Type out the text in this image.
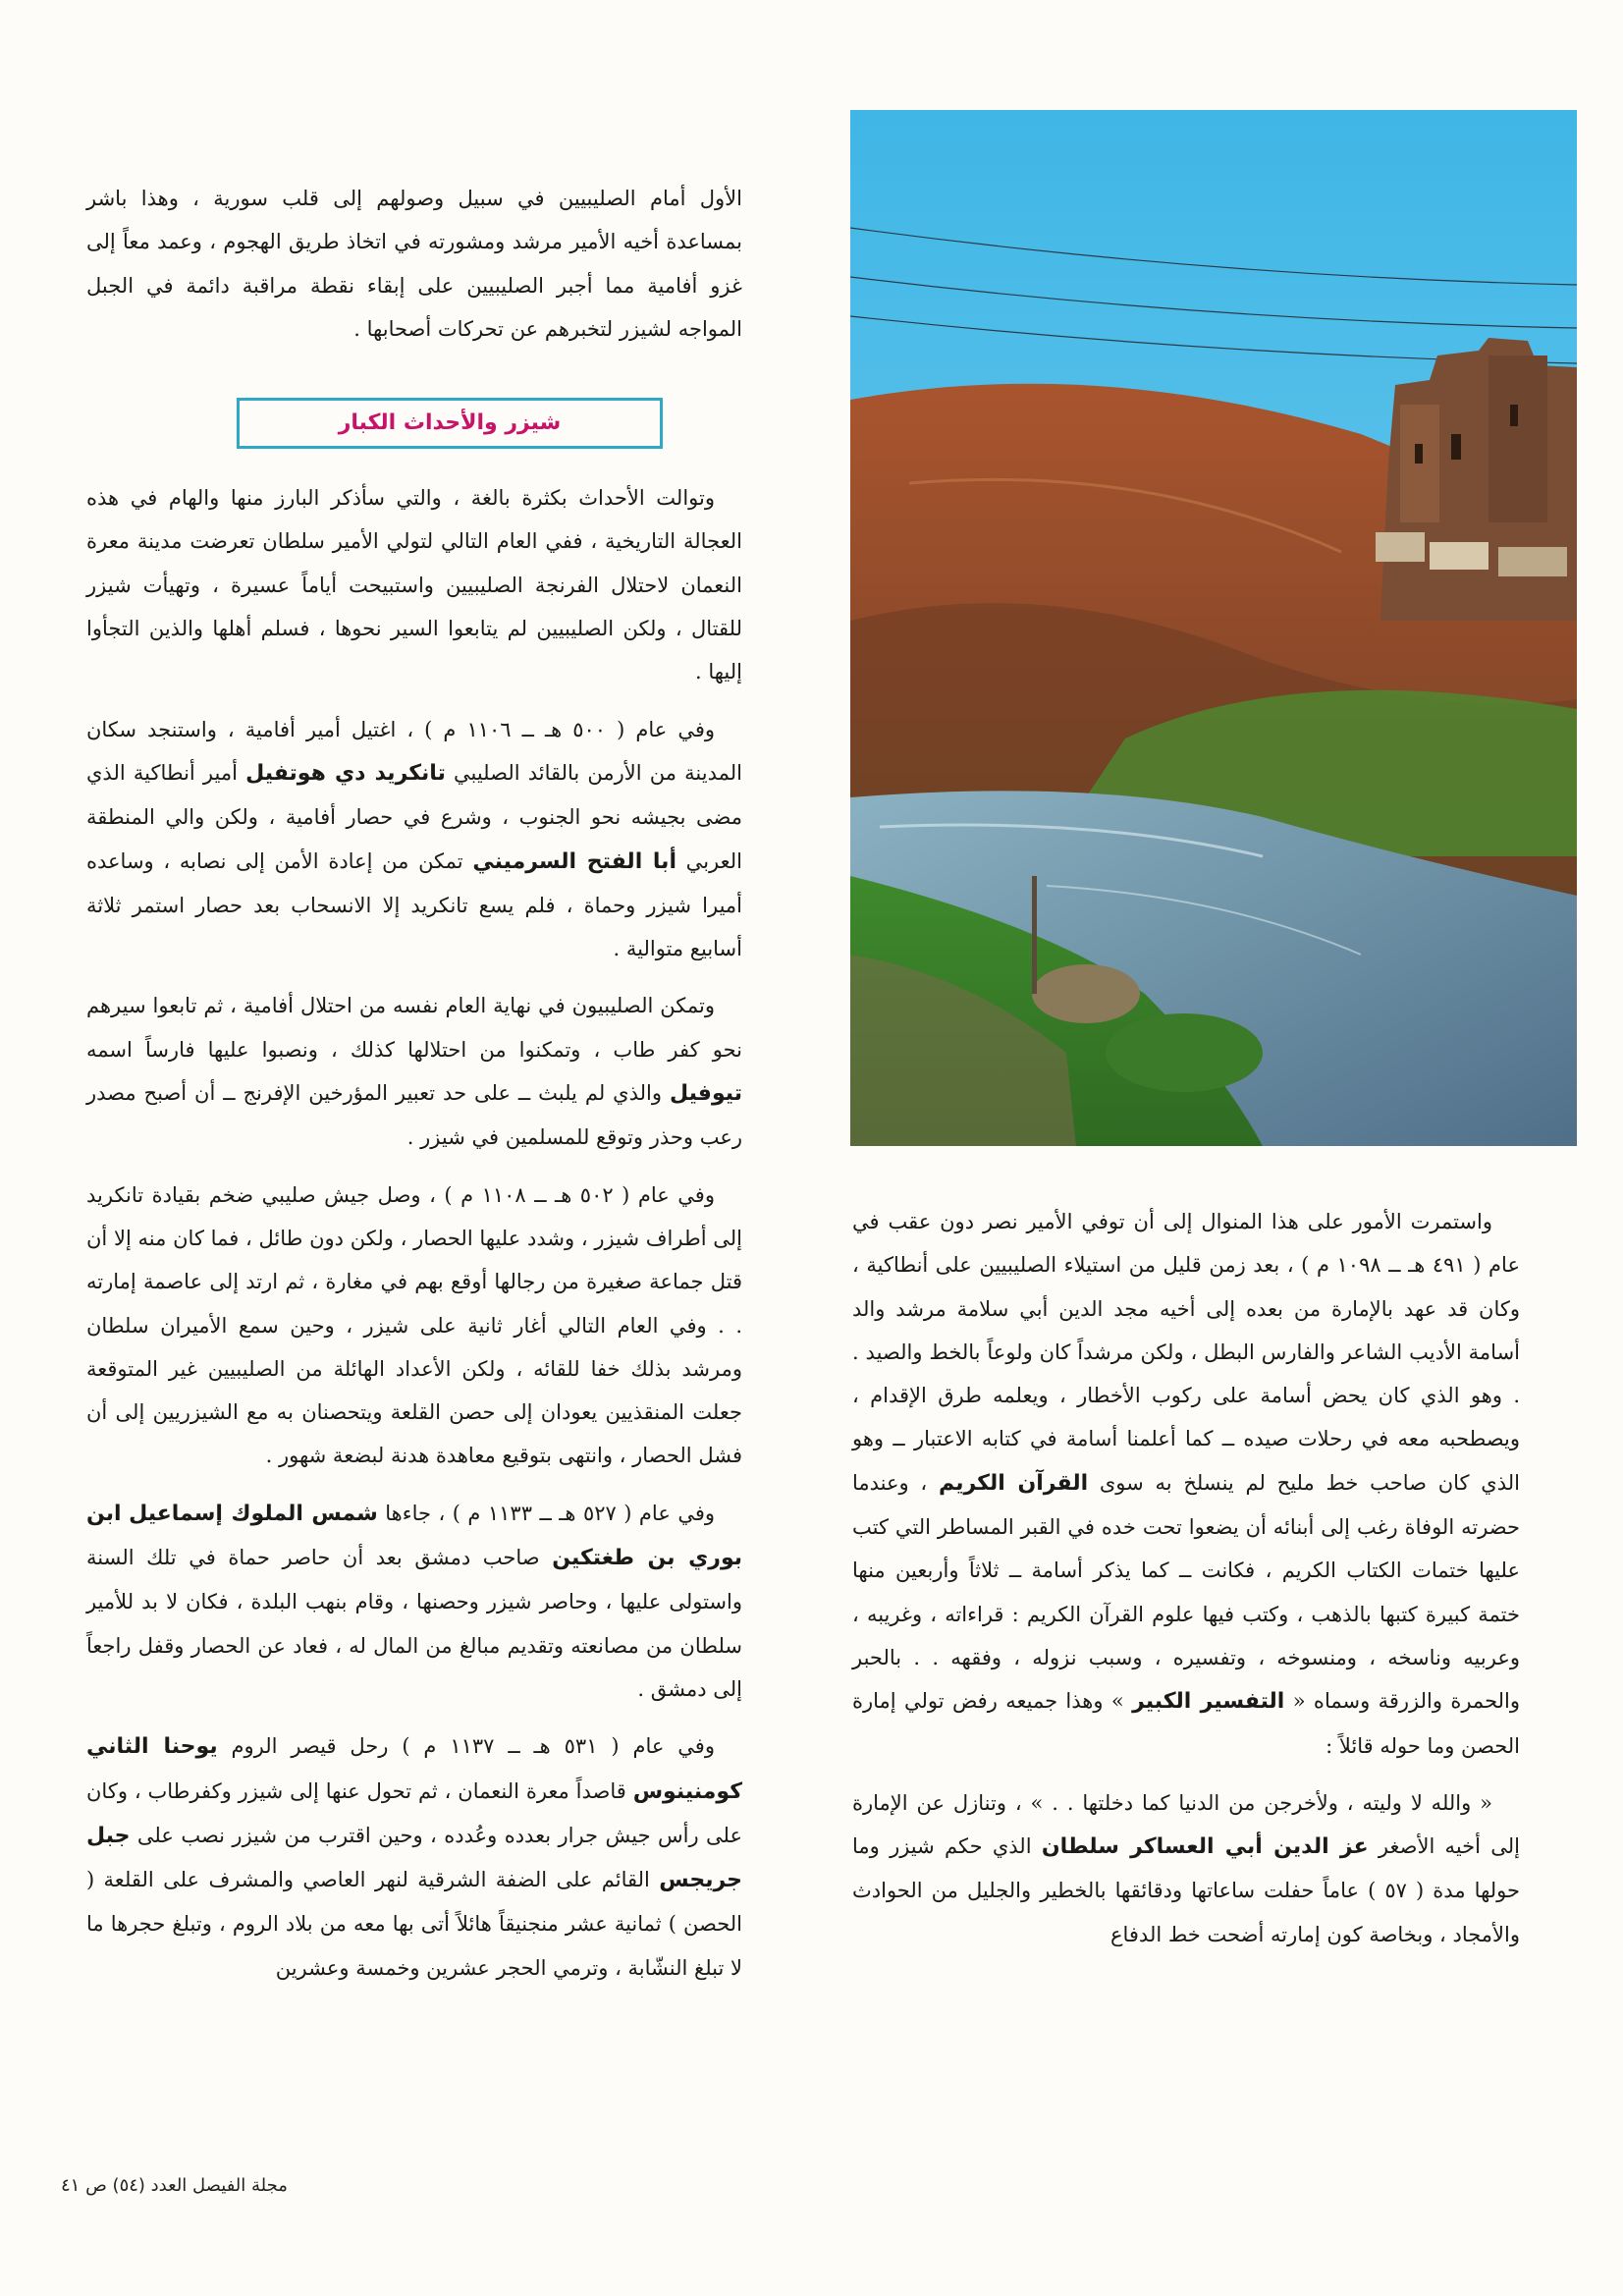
الأول أمام الصليبيين في سبيل وصولهم إلى قلب سورية ، وهذا باشر بمساعدة أخيه الأمير مرشد ومشورته في اتخاذ طريق الهجوم ، وعمد معاً إلى غزو أفامية مما أجبر الصليبيين على إبقاء نقطة مراقبة دائمة في الجبل المواجه لشيزر لتخبرهم عن تحركات أصحابها .

شيزر والأحداث الكبار

وتوالت الأحداث بكثرة بالغة ، والتي سأذكر البارز منها والهام في هذه العجالة التاريخية ، ففي العام التالي لتولي الأمير سلطان تعرضت مدينة معرة النعمان لاحتلال الفرنجة الصليبيين واستبيحت أياماً عسيرة ، وتهيأت شيزر للقتال ، ولكن الصليبيين لم يتابعوا السير نحوها ، فسلم أهلها والذين التجأوا إليها .

وفي عام ( ٥٠٠ هـ ــ ١١٠٦ م ) ، اغتيل أمير أفامية ، واستنجد سكان المدينة من الأرمن بالقائد الصليبي تانكريد دي هوتفيل أمير أنطاكية الذي مضى بجيشه نحو الجنوب ، وشرع في حصار أفامية ، ولكن والي المنطقة العربي أبا الفتح السرميني تمكن من إعادة الأمن إلى نصابه ، وساعده أميرا شيزر وحماة ، فلم يسع تانكريد إلا الانسحاب بعد حصار استمر ثلاثة أسابيع متوالية .

وتمكن الصليبيون في نهاية العام نفسه من احتلال أفامية ، ثم تابعوا سيرهم نحو كفر طاب ، وتمكنوا من احتلالها كذلك ، ونصبوا عليها فارساً اسمه تيوفيل والذي لم يلبث ــ على حد تعبير المؤرخين الإفرنج ــ أن أصبح مصدر رعب وحذر وتوقع للمسلمين في شيزر .

وفي عام ( ٥٠٢ هـ ــ ١١٠٨ م ) ، وصل جيش صليبي ضخم بقيادة تانكريد إلى أطراف شيزر ، وشدد عليها الحصار ، ولكن دون طائل ، فما كان منه إلا أن قتل جماعة صغيرة من رجالها أوقع بهم في مغارة ، ثم ارتد إلى عاصمة إمارته . . وفي العام التالي أغار ثانية على شيزر ، وحين سمع الأميران سلطان ومرشد بذلك خفا للقائه ، ولكن الأعداد الهائلة من الصليبيين غير المتوقعة جعلت المنقذيين يعودان إلى حصن القلعة ويتحصنان به مع الشيزريين إلى أن فشل الحصار ، وانتهى بتوقيع معاهدة هدنة لبضعة شهور .

وفي عام ( ٥٢٧ هـ ــ ١١٣٣ م ) ، جاءها شمس الملوك إسماعيل ابن بوري بن طغتكين صاحب دمشق بعد أن حاصر حماة في تلك السنة واستولى عليها ، وحاصر شيزر وحصنها ، وقام بنهب البلدة ، فكان لا بد للأمير سلطان من مصانعته وتقديم مبالغ من المال له ، فعاد عن الحصار وقفل راجعاً إلى دمشق .

وفي عام ( ٥٣١ هـ ــ ١١٣٧ م ) رحل قيصر الروم يوحنا الثاني كومنينوس قاصداً معرة النعمان ، ثم تحول عنها إلى شيزر وكفرطاب ، وكان على رأس جيش جرار بعدده وعُدده ، وحين اقترب من شيزر نصب على جبل جريجس القائم على الضفة الشرقية لنهر العاصي والمشرف على القلعة ( الحصن ) ثمانية عشر منجنيقاً هائلاً أتى بها معه من بلاد الروم ، وتبلغ حجرها ما لا تبلغ النشّابة ، وترمي الحجر عشرين وخمسة وعشرين

واستمرت الأمور على هذا المنوال إلى أن توفي الأمير نصر دون عقب في عام ( ٤٩١ هـ ــ ١٠٩٨ م ) ، بعد زمن قليل من استيلاء الصليبيين على أنطاكية ، وكان قد عهد بالإمارة من بعده إلى أخيه مجد الدين أبي سلامة مرشد والد أسامة الأديب الشاعر والفارس البطل ، ولكن مرشداً كان ولوعاً بالخط والصيد . . وهو الذي كان يحض أسامة على ركوب الأخطار ، ويعلمه طرق الإقدام ، ويصطحبه معه في رحلات صيده ــ كما أعلمنا أسامة في كتابه الاعتبار ــ وهو الذي كان صاحب خط مليح لم ينسلخ به سوى القرآن الكريم ، وعندما حضرته الوفاة رغب إلى أبنائه أن يضعوا تحت خده في القبر المساطر التي كتب عليها ختمات الكتاب الكريم ، فكانت ــ كما يذكر أسامة ــ ثلاثاً وأربعين منها ختمة كبيرة كتبها بالذهب ، وكتب فيها علوم القرآن الكريم : قراءاته ، وغريبه ، وعربيه وناسخه ، ومنسوخه ، وتفسيره ، وسبب نزوله ، وفقهه . . بالحبر والحمرة والزرقة وسماه « التفسير الكبير » وهذا جميعه رفض تولي إمارة الحصن وما حوله قائلاً :

« والله لا وليته ، ولأخرجن من الدنيا كما دخلتها . . » ، وتنازل عن الإمارة إلى أخيه الأصغر عز الدين أبي العساكر سلطان الذي حكم شيزر وما حولها مدة ( ٥٧ ) عاماً حفلت ساعاتها ودقائقها بالخطير والجليل من الحوادث والأمجاد ، وبخاصة كون إمارته أضحت خط الدفاع

مجلة الفيصل العدد (٥٤) ص ٤١
